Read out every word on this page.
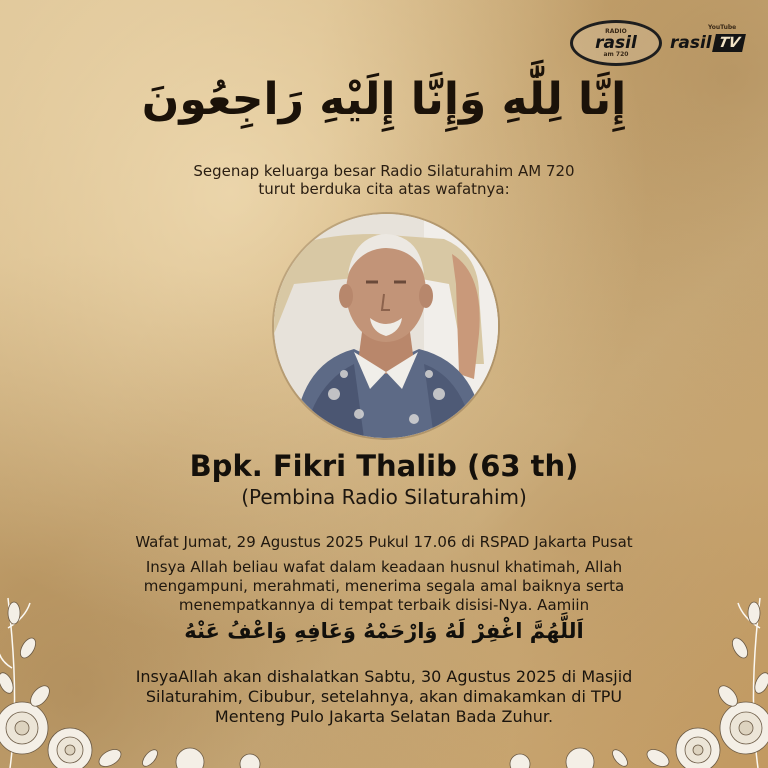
RADIO
rasil
am 720
YouTube
rasil TV
إِنَّا لِلَّٰهِ وَإِنَّا إِلَيْهِ رَاجِعُونَ
Segenap keluarga besar Radio Silaturahim AM 720
turut berduka cita atas wafatnya:
Bpk. Fikri Thalib (63 th)
(Pembina Radio Silaturahim)
Wafat Jumat, 29 Agustus 2025 Pukul 17.06 di RSPAD Jakarta Pusat
Insya Allah beliau wafat dalam keadaan husnul khatimah, Allah
mengampuni, merahmati, menerima segala amal baiknya serta
menempatkannya di tempat terbaik disisi-Nya. Aamiin
اَللَّهُمَّ اغْفِرْ لَهُ وَارْحَمْهُ وَعَافِهِ وَاعْفُ عَنْهُ
InsyaAllah akan dishalatkan Sabtu, 30 Agustus 2025 di Masjid
Silaturahim, Cibubur, setelahnya, akan dimakamkan di TPU
Menteng Pulo Jakarta Selatan Bada Zuhur.
